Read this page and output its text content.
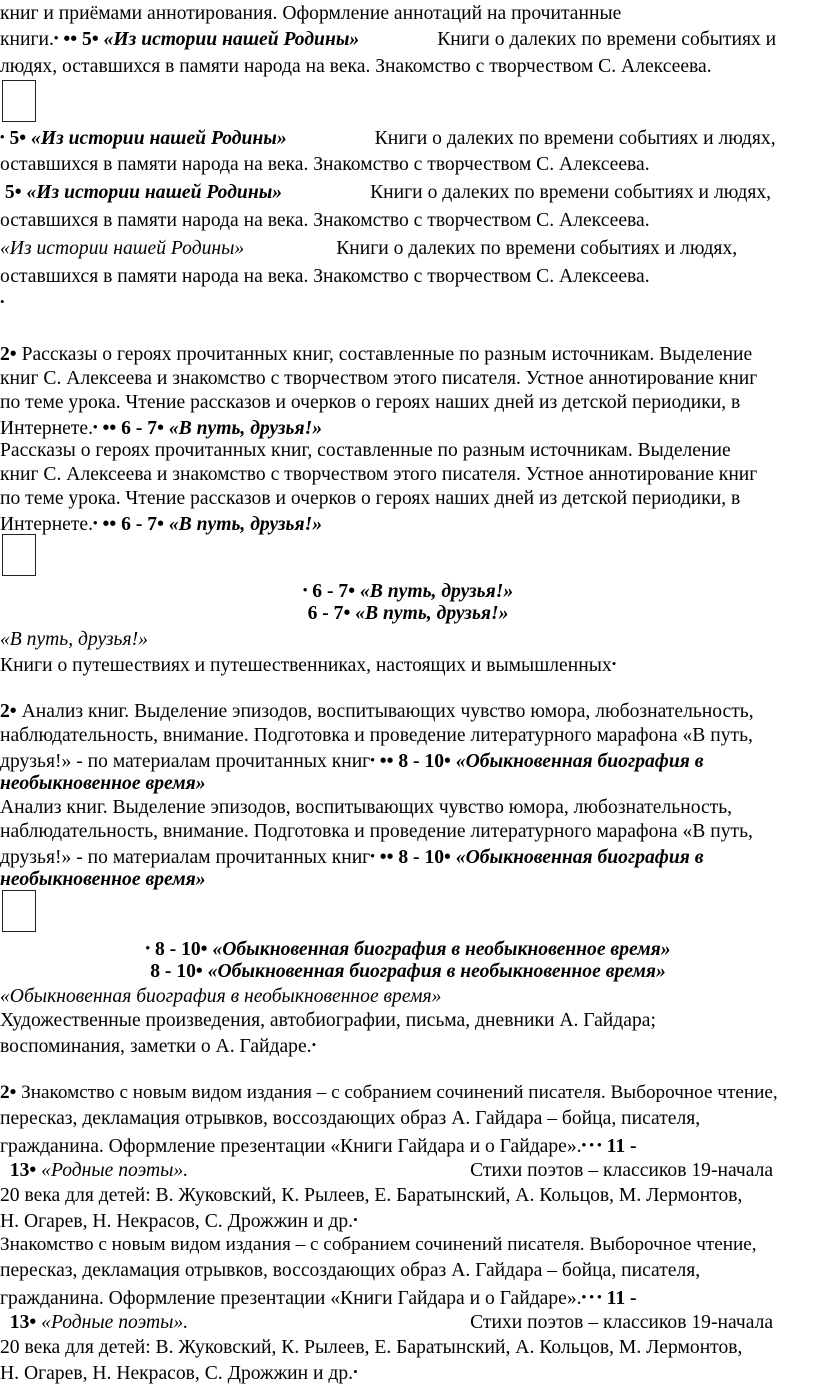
книг и приёмами аннотирования. Оформление аннотаций на прочитанные
книги.• •• 5• «Из истории нашей Родины»	Книги о далеких по времени событиях и
людях, оставшихся в памяти народа на века. Знакомство с творчеством С. Алексеева.
• 5• «Из истории нашей Родины»	Книги о далеких по времени событиях и людях,
оставшихся в памяти народа на века. Знакомство с творчеством С. Алексеева.
5• «Из истории нашей Родины»	Книги о далеких по времени событиях и людях,
оставшихся в памяти народа на века. Знакомство с творчеством С. Алексеева.
«Из истории нашей Родины»	Книги о далеких по времени событиях и людях,
оставшихся в памяти народа на века. Знакомство с творчеством С. Алексеева.
•
2• Рассказы о героях прочитанных книг, составленные по разным источникам. Выделение
книг С. Алексеева и знакомство с творчеством этого писателя. Устное аннотирование книг
по теме урока. Чтение рассказов и очерков о героях наших дней из детской периодики, в
Интернете.• •• 6 - 7• «В путь, друзья!»
Рассказы о героях прочитанных книг, составленные по разным источникам. Выделение
книг С. Алексеева и знакомство с творчеством этого писателя. Устное аннотирование книг
по теме урока. Чтение рассказов и очерков о героях наших дней из детской периодики, в
Интернете.• •• 6 - 7• «В путь, друзья!»
• 6 - 7• «В путь, друзья!»
6 - 7• «В путь, друзья!»
«В путь, друзья!»
Книги о путешествиях и путешественниках, настоящих и вымышленных•
2• Анализ книг. Выделение эпизодов, воспитывающих чувство юмора, любознательность,
наблюдательность, внимание. Подготовка и проведение литературного марафона «В путь,
друзья!» - по материалам прочитанных книг• •• 8 - 10• «Обыкновенная биография в
необыкновенное время»
Анализ книг. Выделение эпизодов, воспитывающих чувство юмора, любознательность,
наблюдательность, внимание. Подготовка и проведение литературного марафона «В путь,
друзья!» - по материалам прочитанных книг• •• 8 - 10• «Обыкновенная биография в
необыкновенное время»
• 8 - 10• «Обыкновенная биография в необыкновенное время»
8 - 10• «Обыкновенная биография в необыкновенное время»
«Обыкновенная биография в необыкновенное время»
Художественные произведения, автобиографии, письма, дневники А. Гайдара;
воспоминания, заметки о А. Гайдаре.•
2• Знакомство с новым видом издания – с собранием сочинений писателя. Выборочное чтение,
пересказ, декламация отрывков, воссоздающих образ А. Гайдара – бойца, писателя,
гражданина. Оформление презентации «Книги Гайдара и о Гайдаре».• • • 11 -
13• «Родные поэты».	Стихи поэтов – классиков 19-начала
20 века для детей: В. Жуковский, К. Рылеев, Е. Баратынский, А. Кольцов, М. Лермонтов,
Н. Огарев, Н. Некрасов, С. Дрожжин и др.•
Знакомство с новым видом издания – с собранием сочинений писателя. Выборочное чтение,
пересказ, декламация отрывков, воссоздающих образ А. Гайдара – бойца, писателя,
гражданина. Оформление презентации «Книги Гайдара и о Гайдаре».• • • 11 -
13• «Родные поэты».	Стихи поэтов – классиков 19-начала
20 века для детей: В. Жуковский, К. Рылеев, Е. Баратынский, А. Кольцов, М. Лермонтов,
Н. Огарев, Н. Некрасов, С. Дрожжин и др.•
